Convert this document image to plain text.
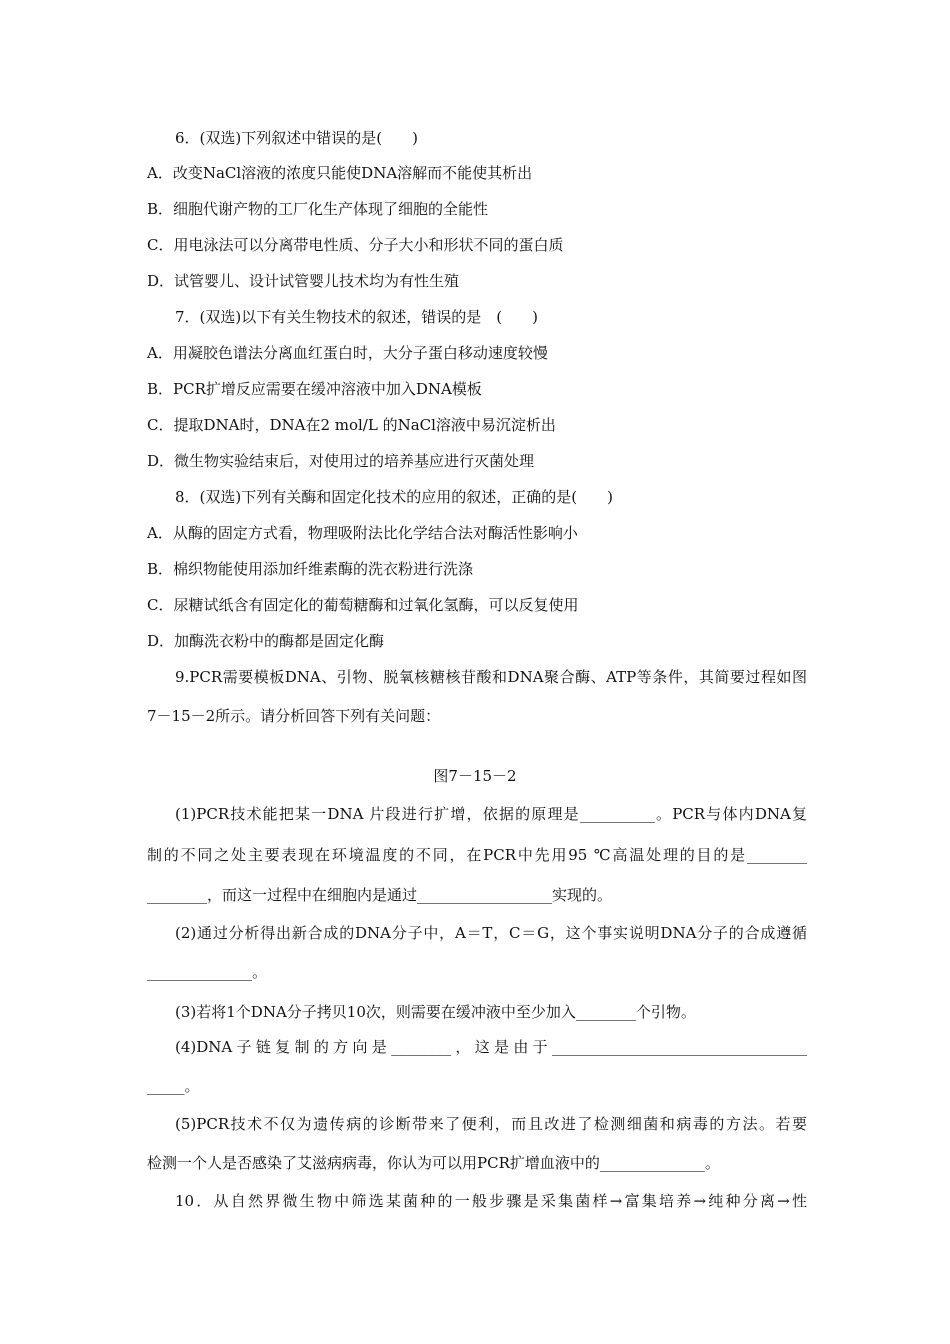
6．(双选)下列叙述中错误的是(　　)
A．改变NaCl溶液的浓度只能使DNA溶解而不能使其析出
B．细胞代谢产物的工厂化生产体现了细胞的全能性
C．用电泳法可以分离带电性质、分子大小和形状不同的蛋白质
D．试管婴儿、设计试管婴儿技术均为有性生殖
7．(双选)以下有关生物技术的叙述，错误的是　(　　)
A．用凝胶色谱法分离血红蛋白时，大分子蛋白移动速度较慢
B．PCR扩增反应需要在缓冲溶液中加入DNA模板
C．提取DNA时，DNA在2 mol/L 的NaCl溶液中易沉淀析出
D．微生物实验结束后，对使用过的培养基应进行灭菌处理
8．(双选)下列有关酶和固定化技术的应用的叙述，正确的是(　　)
A．从酶的固定方式看，物理吸附法比化学结合法对酶活性影响小
B．棉织物能使用添加纤维素酶的洗衣粉进行洗涤
C．尿糖试纸含有固定化的葡萄糖酶和过氧化氢酶，可以反复使用
D．加酶洗衣粉中的酶都是固定化酶
9.PCR需要模板DNA、引物、脱氧核糖核苷酸和DNA聚合酶、ATP等条件，其简要过程如图
7－15－2所示。请分析回答下列有关问题：
图7－15－2
(1)PCR技术能把某一DNA 片段进行扩增，依据的原理是__________。PCR与体内DNA复
制的不同之处主要表现在环境温度的不同，在PCR中先用95 ℃高温处理的目的是________
________，而这一过程中在细胞内是通过__________________实现的。
(2)通过分析得出新合成的DNA分子中，A＝T，C＝G，这个事实说明DNA分子的合成遵循
______________。
(3)若将1个DNA分子拷贝10次，则需要在缓冲液中至少加入________个引物。
(4)DNA子链复制的方向是________，这是由于__________________________________
_____。
(5)PCR技术不仅为遗传病的诊断带来了便利，而且改进了检测细菌和病毒的方法。若要
检测一个人是否感染了艾滋病病毒，你认为可以用PCR扩增血液中的______________。
10．从自然界微生物中筛选某菌种的一般步骤是采集菌样→富集培养→纯种分离→性
